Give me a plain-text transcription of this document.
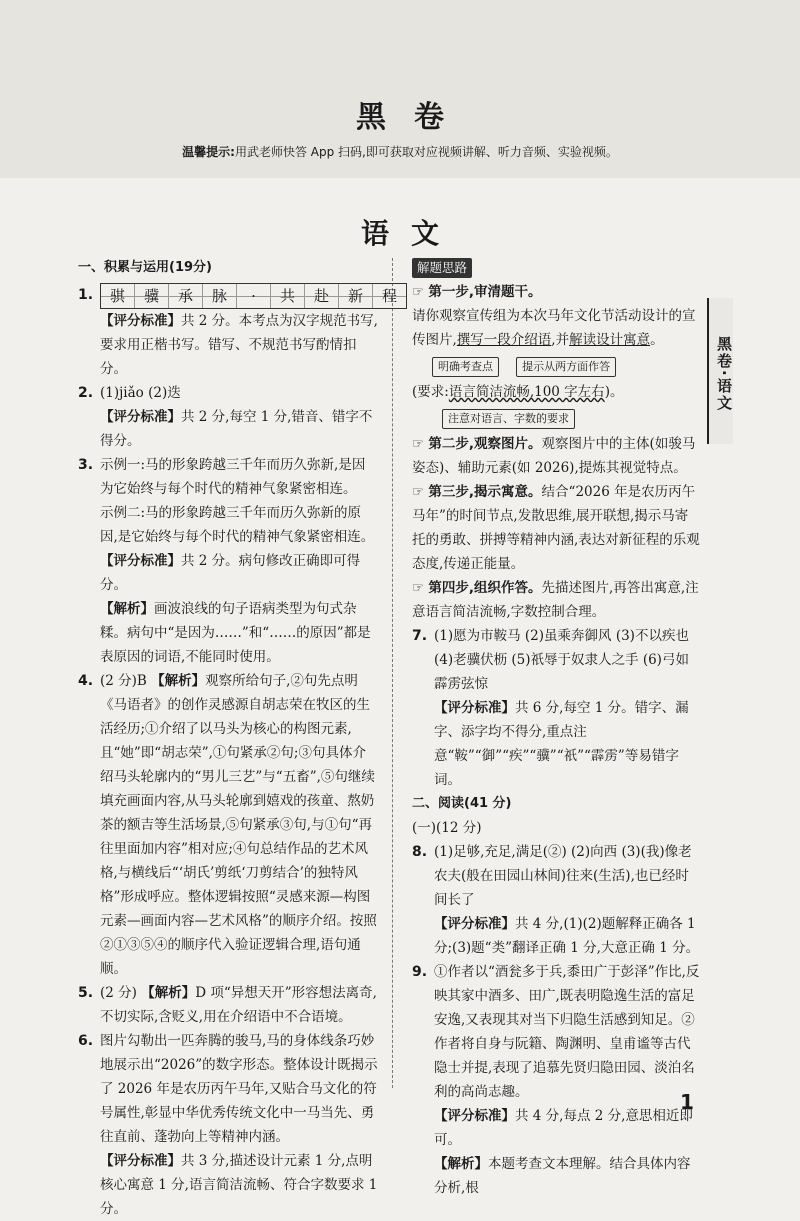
黑卷
温馨提示:用武老师快答 App 扫码,即可获取对应视频讲解、听力音频、实验视频。
语文
一、积累与运用(19分)
1.	骐	骥	承	脉	·	共	赴	新	程

【评分标准】共 2 分。本考点为汉字规范书写,要求用正楷书写。错写、不规范书写酌情扣分。

2. (1)jiǎo (2)迭

【评分标准】共 2 分,每空 1 分,错音、错字不得分。

3. 示例一:马的形象跨越三千年而历久弥新,是因为它始终与每个时代的精神气象紧密相连。

示例二:马的形象跨越三千年而历久弥新的原因,是它始终与每个时代的精神气象紧密相连。

【评分标准】共 2 分。病句修改正确即可得分。

【解析】画波浪线的句子语病类型为句式杂糅。病句中“是因为……”和“……的原因”都是表原因的词语,不能同时使用。

4. (2 分)B 【解析】观察所给句子,②句先点明《马语者》的创作灵感源自胡志荣在牧区的生活经历;①介绍了以马头为核心的构图元素,且“她”即“胡志荣”,①句紧承②句;③句具体介绍马头轮廓内的“男儿三艺”与“五畜”,⑤句继续填充画面内容,从马头轮廓到嬉戏的孩童、熬奶茶的额吉等生活场景,⑤句紧承③句,与①句“再往里面加内容”相对应;④句总结作品的艺术风格,与横线后“‘胡氏’剪纸‘刀剪结合’的独特风格”形成呼应。整体逻辑按照“灵感来源—构图元素—画面内容—艺术风格”的顺序介绍。按照②①③⑤④的顺序代入验证逻辑合理,语句通顺。

5. (2 分) 【解析】D 项“异想天开”形容想法离奇,不切实际,含贬义,用在介绍语中不合语境。

6. 图片勾勒出一匹奔腾的骏马,马的身体线条巧妙地展示出“2026”的数字形态。整体设计既揭示了 2026 年是农历丙午马年,又贴合马文化的符号属性,彰显中华优秀传统文化中一马当先、勇往直前、蓬勃向上等精神内涵。

【评分标准】共 3 分,描述设计元素 1 分,点明核心寓意 1 分,语言简洁流畅、符合字数要求 1 分。

解题思路

☞ 第一步,审清题干。

请你观察宣传组为本次马年文化节活动设计的宣传图片,撰写一段介绍语,并解读设计寓意。

明确考查点	提示从两方面作答

(要求:语言简洁流畅,100 字左右)。

注意对语言、字数的要求

☞ 第二步,观察图片。观察图片中的主体(如骏马姿态)、辅助元素(如 2026),提炼其视觉特点。

☞ 第三步,揭示寓意。结合“2026 年是农历丙午马年”的时间节点,发散思维,展开联想,揭示马寄托的勇敢、拼搏等精神内涵,表达对新征程的乐观态度,传递正能量。

☞ 第四步,组织作答。先描述图片,再答出寓意,注意语言简洁流畅,字数控制合理。

7. (1)愿为市鞍马 (2)虽乘奔御风 (3)不以疾也 (4)老骥伏枥 (5)祇辱于奴隶人之手 (6)弓如霹雳弦惊

【评分标准】共 6 分,每空 1 分。错字、漏字、添字均不得分,重点注意“鞍”“御”“疾”“骥”“祇”“霹雳”等易错字词。

二、阅读(41 分)
(一)(12 分)
8. (1)足够,充足,满足(②) (2)向西 (3)(我)像老农夫(般在田园山林间)往来(生活),也已经时间长了

【评分标准】共 4 分,(1)(2)题解释正确各 1 分;(3)题“类”翻译正确 1 分,大意正确 1 分。

9. ①作者以“酒瓮多于兵,黍田广于彭泽”作比,反映其家中酒多、田广,既表明隐逸生活的富足安逸,又表现其对当下归隐生活感到知足。②作者将自身与阮籍、陶渊明、皇甫谧等古代隐士并提,表现了追慕先贤归隐田园、淡泊名利的高尚志趣。

【评分标准】共 4 分,每点 2 分,意思相近即可。

【解析】本题考查文本理解。结合具体内容分析,根

黑卷·语文
1
